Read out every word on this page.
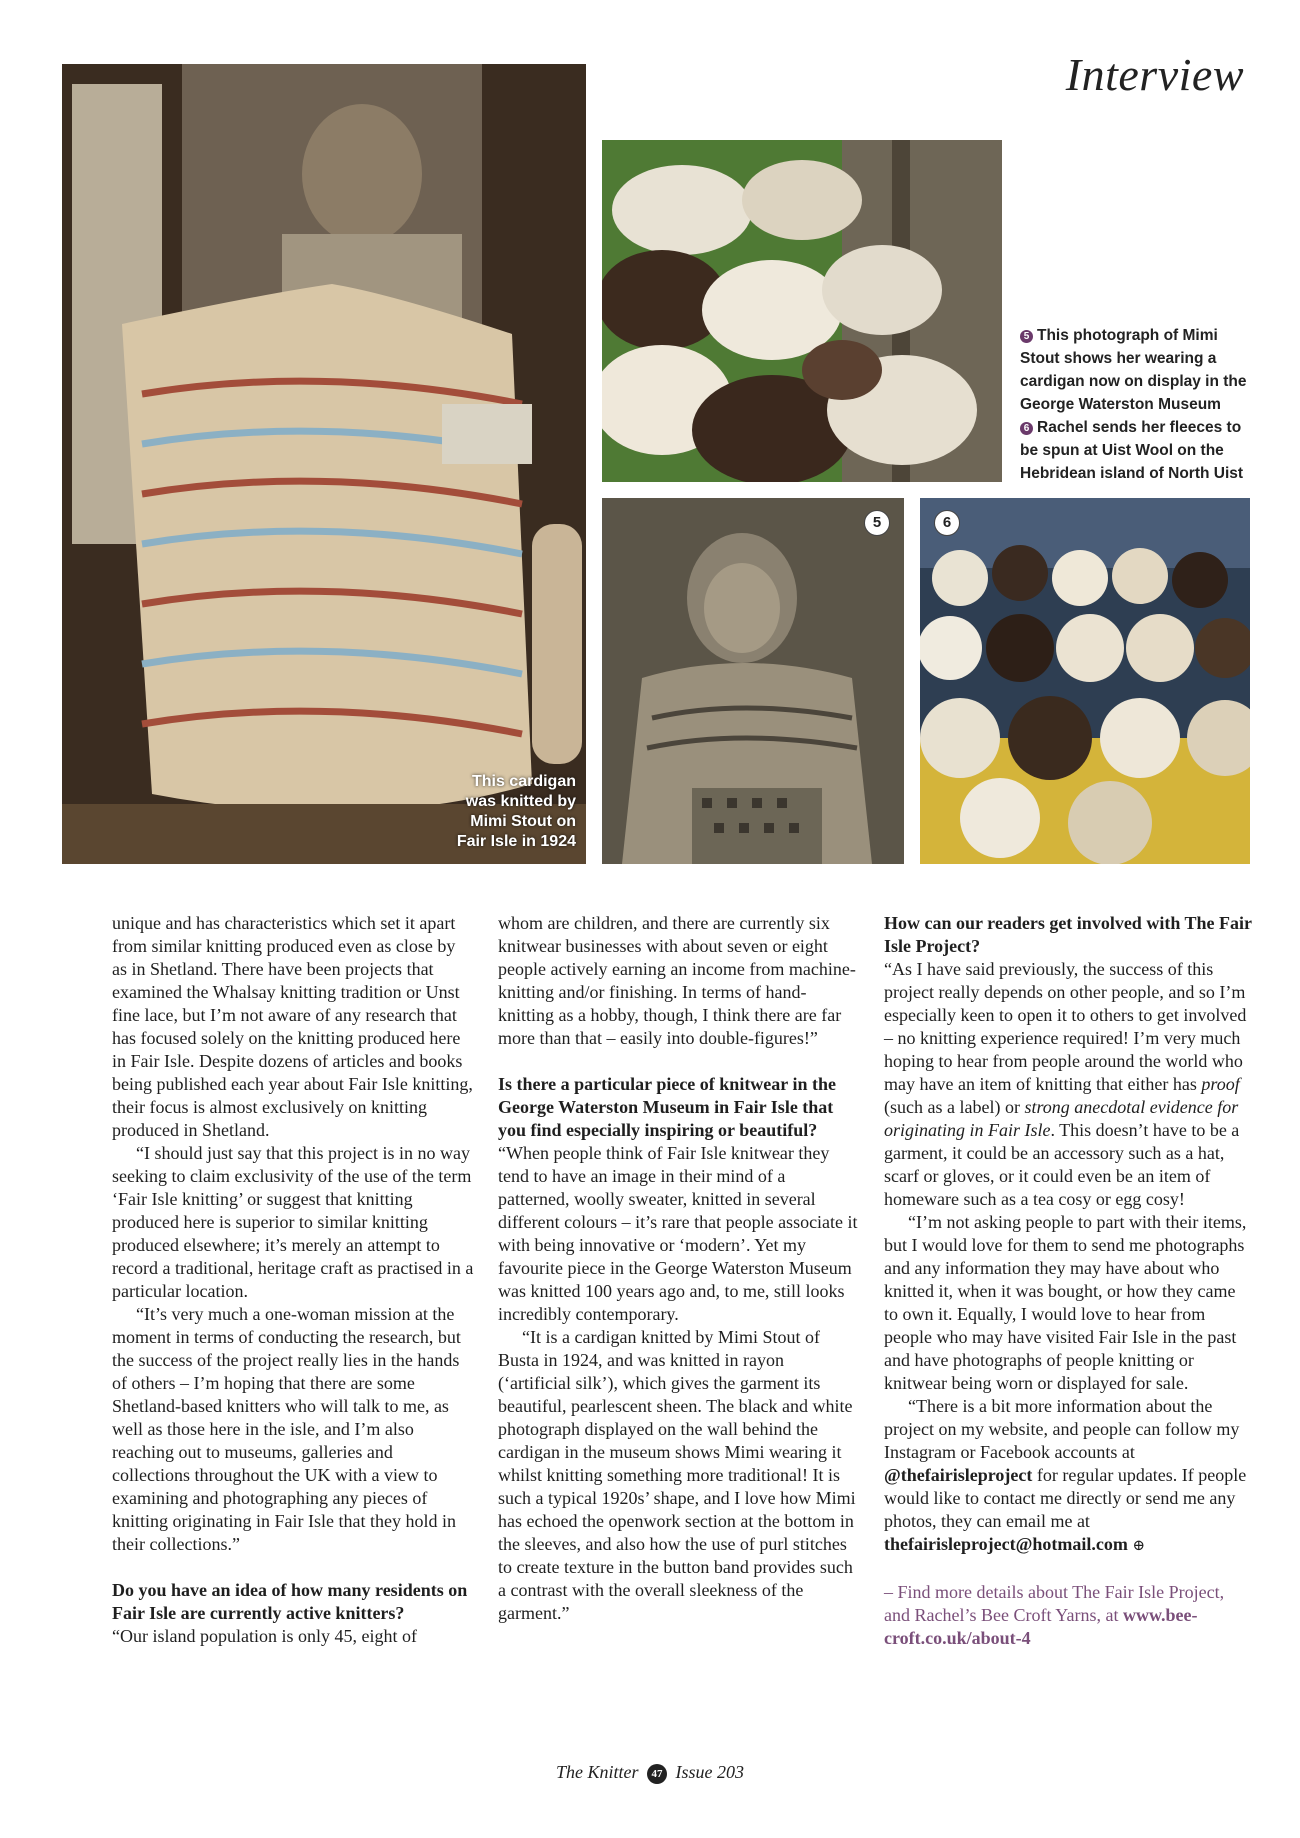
Interview
This cardigan
was knitted by
Mimi Stout on
Fair Isle in 1924
5 This photograph of Mimi Stout shows her wearing a cardigan now on display in the George Waterston Museum
6 Rachel sends her fleeces to be spun at Uist Wool on the Hebridean island of North Uist
5	6

unique and has characteristics which set it apart from similar knitting produced even as close by as in Shetland. There have been projects that examined the Whalsay knitting tradition or Unst fine lace, but I’m not aware of any research that has focused solely on the knitting produced here in Fair Isle. Despite dozens of articles and books being published each year about Fair Isle knitting, their focus is almost exclusively on knitting produced in Shetland.

“I should just say that this project is in no way seeking to claim exclusivity of the use of the term ‘Fair Isle knitting’ or suggest that knitting produced here is superior to similar knitting produced elsewhere; it’s merely an attempt to record a traditional, heritage craft as practised in a particular location.

“It’s very much a one-woman mission at the moment in terms of conducting the research, but the success of the project really lies in the hands of others – I’m hoping that there are some Shetland-based knitters who will talk to me, as well as those here in the isle, and I’m also reaching out to museums, galleries and collections throughout the UK with a view to examining and photographing any pieces of knitting originating in Fair Isle that they hold in their collections.”

Do you have an idea of how many residents on Fair Isle are currently active knitters?

“Our island population is only 45, eight of

whom are children, and there are currently six knitwear businesses with about seven or eight people actively earning an income from machine-knitting and/or finishing. In terms of hand-knitting as a hobby, though, I think there are far more than that – easily into double-figures!”

Is there a particular piece of knitwear in the George Waterston Museum in Fair Isle that you find especially inspiring or beautiful?

“When people think of Fair Isle knitwear they tend to have an image in their mind of a patterned, woolly sweater, knitted in several different colours – it’s rare that people associate it with being innovative or ‘modern’. Yet my favourite piece in the George Waterston Museum was knitted 100 years ago and, to me, still looks incredibly contemporary.

“It is a cardigan knitted by Mimi Stout of Busta in 1924, and was knitted in rayon (‘artificial silk’), which gives the garment its beautiful, pearlescent sheen. The black and white photograph displayed on the wall behind the cardigan in the museum shows Mimi wearing it whilst knitting something more traditional! It is such a typical 1920s’ shape, and I love how Mimi has echoed the openwork section at the bottom in the sleeves, and also how the use of purl stitches to create texture in the button band provides such a contrast with the overall sleekness of the garment.”

How can our readers get involved with The Fair Isle Project?

“As I have said previously, the success of this project really depends on other people, and so I’m especially keen to open it to others to get involved – no knitting experience required! I’m very much hoping to hear from people around the world who may have an item of knitting that either has proof (such as a label) or strong anecdotal evidence for originating in Fair Isle. This doesn’t have to be a garment, it could be an accessory such as a hat, scarf or gloves, or it could even be an item of homeware such as a tea cosy or egg cosy!

“I’m not asking people to part with their items, but I would love for them to send me photographs and any information they may have about who knitted it, when it was bought, or how they came to own it. Equally, I would love to hear from people who may have visited Fair Isle in the past and have photographs of people knitting or knitwear being worn or displayed for sale.

“There is a bit more information about the project on my website, and people can follow my Instagram or Facebook accounts at @thefairisleproject for regular updates. If people would like to contact me directly or send me any photos, they can email me at thefairisleproject@hotmail.com ⊕

– Find more details about The Fair Isle Project, and Rachel’s Bee Croft Yarns, at www.bee-croft.co.uk/about-4

The Knitter 47 Issue 203
